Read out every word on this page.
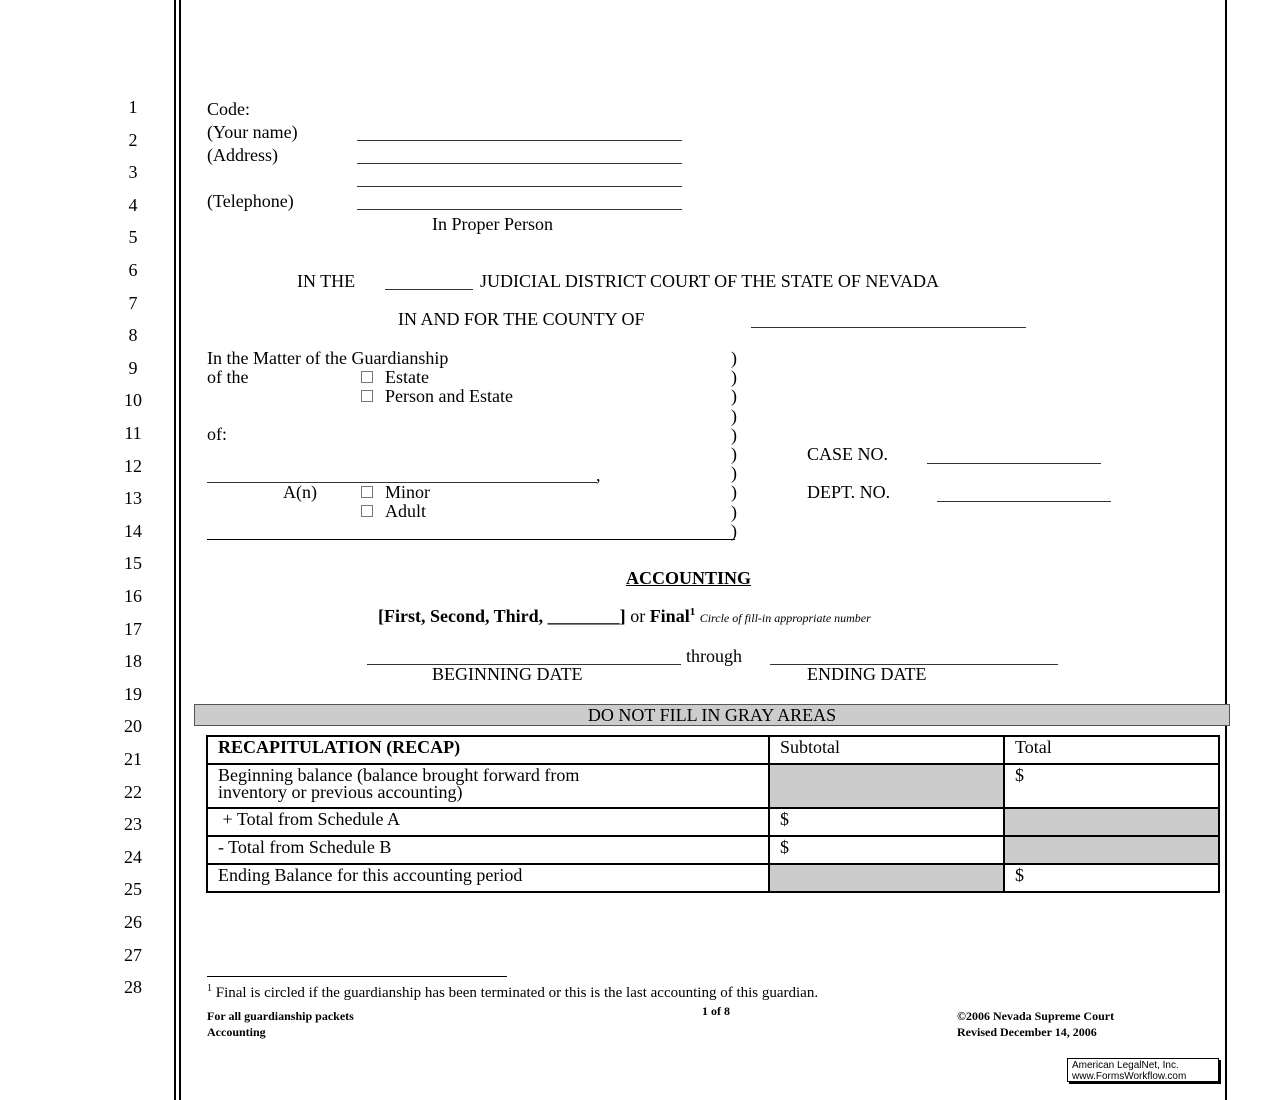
1
2
3
4
5
6
7
8
9
10
11
12
13
14
15
16
17
18
19
20
21
22
23
24
25
26
27
28
Code:
(Your name)
(Address)
(Telephone)
In Proper Person
IN THE	JUDICIAL DISTRICT COURT OF THE STATE OF NEVADA
IN AND FOR THE COUNTY OF
In the Matter of the Guardianship
of the	Estate
Person and Estate
of:
,
A(n)	Minor
Adult
)
)
)
)
)
)
)
)
)
)
CASE NO.
DEPT. NO.
ACCOUNTING
[First, Second, Third, ________] or Final$^1$ Circle of fill-in appropriate number
through
BEGINNING DATE	ENDING DATE
DO NOT FILL IN GRAY AREAS
RECAPITULATION (RECAP)	Subtotal	Total

Beginning balance (balance brought forward from
inventory or previous accounting)		$
+ Total from Schedule A	$	
- Total from Schedule B	$	
Ending Balance for this accounting period		$
$^1$ Final is circled if the guardianship has been terminated or this is the last accounting of this guardian.
For all guardianship packets
Accounting
1 of 8	©2006 Nevada Supreme Court
Revised December 14, 2006
American LegalNet, Inc.
www.FormsWorkflow.com
